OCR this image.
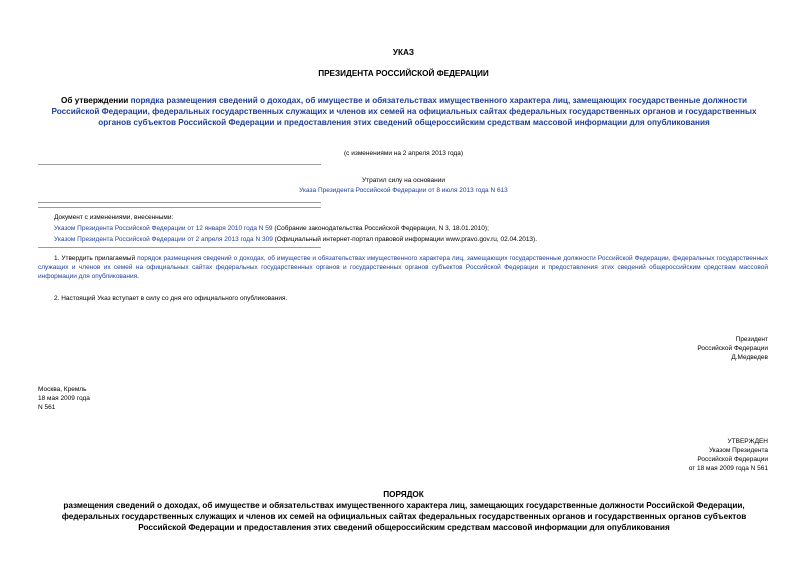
УКАЗ
ПРЕЗИДЕНТА РОССИЙСКОЙ ФЕДЕРАЦИИ
Об утверждении порядка размещения сведений о доходах, об имуществе и обязательствах имущественного характера лиц, замещающих государственные должности Российской Федерации, федеральных государственных служащих и членов их семей на официальных сайтах федеральных государственных органов и государственных органов субъектов Российской Федерации и предоставления этих сведений общероссийским средствам массовой информации для опубликования
(с изменениями на 2 апреля 2013 года)
Утратил силу на основании
Указа Президента Российской Федерации от 8 июля 2013 года N 613
Документ с изменениями, внесенными:
Указом Президента Российской Федерации от 12 января 2010 года N 59 (Собрание законодательства Российской Федерации, N 3, 18.01.2010);
Указом Президента Российской Федерации от 2 апреля 2013 года N 309 (Официальный интернет-портал правовой информации www.pravo.gov.ru, 02.04.2013).
1. Утвердить прилагаемый порядок размещения сведений о доходах, об имуществе и обязательствах имущественного характера лиц, замещающих государственные должности Российской Федерации, федеральных государственных служащих и членов их семей на официальных сайтах федеральных государственных органов и государственных органов субъектов Российской Федерации и предоставления этих сведений общероссийским средствам массовой информации для опубликования.
2. Настоящий Указ вступает в силу со дня его официального опубликования.
Президент
Российской Федерации
Д.Медведев
Москва, Кремль
18 мая 2009 года
N 561
УТВЕРЖДЕН
Указом Президента
Российской Федерации
от 18 мая 2009 года N 561
ПОРЯДОК
размещения сведений о доходах, об имуществе и обязательствах имущественного характера лиц, замещающих государственные должности Российской Федерации, федеральных государственных служащих и членов их семей на официальных сайтах федеральных государственных органов и государственных органов субъектов Российской Федерации и предоставления этих сведений общероссийским средствам массовой информации для опубликования
